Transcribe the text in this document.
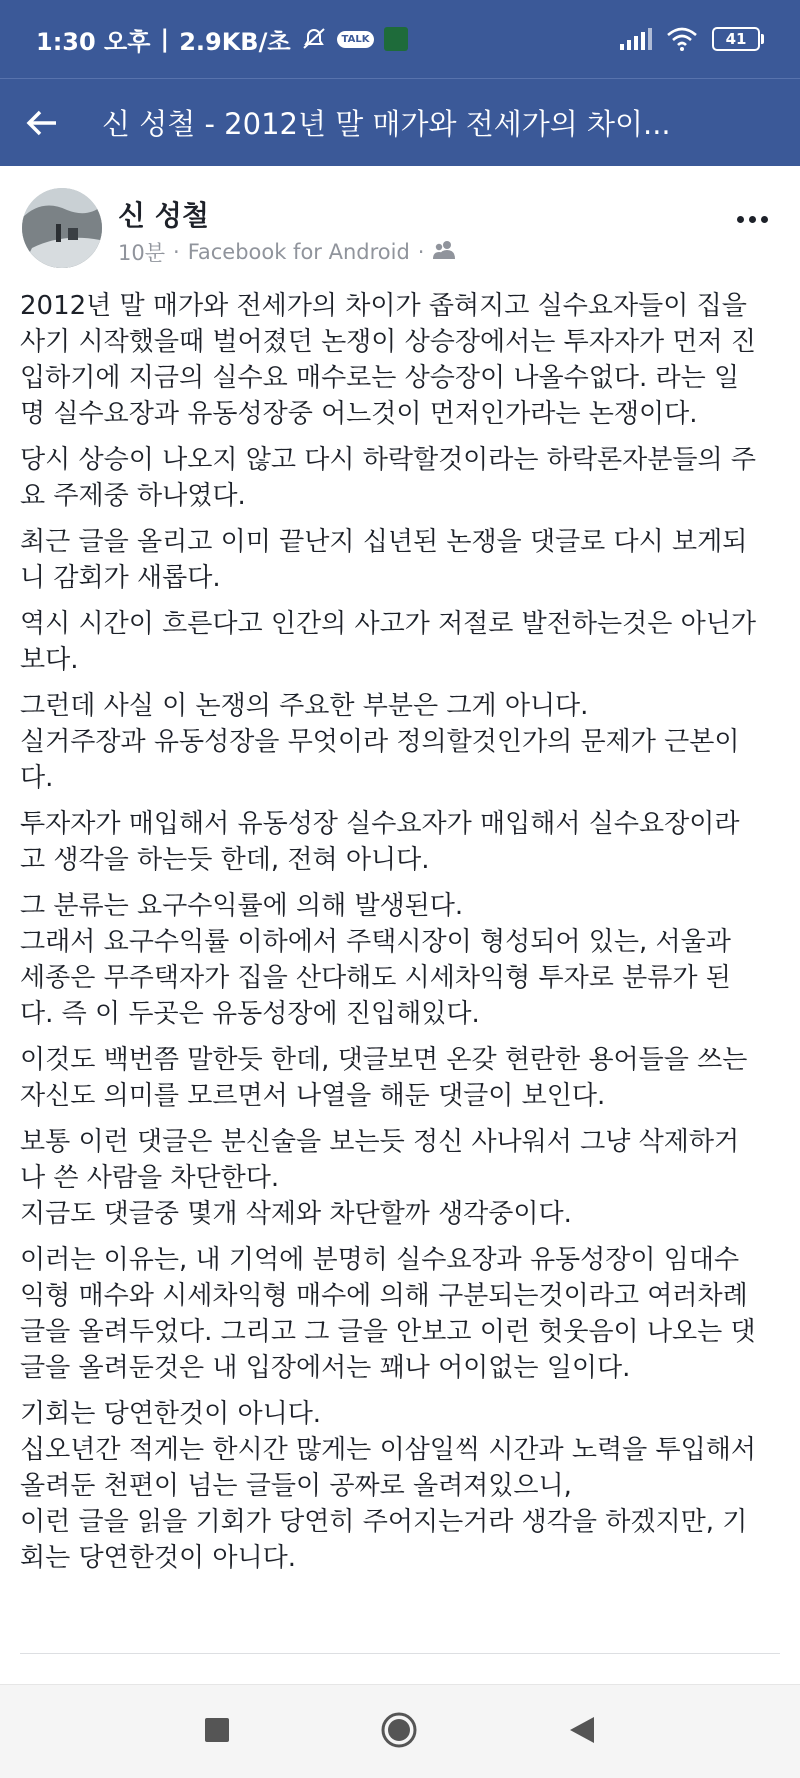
1:30 오후 | 2.9KB/초	TALK	41
신 성철 - 2012년 말 매가와 전세가의 차이...
신 성철
10분 · Facebook for Android ·

2012년 말 매가와 전세가의 차이가 좁혀지고 실수요자들이 집을
사기 시작했을때 벌어졌던 논쟁이 상승장에서는 투자자가 먼저 진
입하기에 지금의 실수요 매수로는 상승장이 나올수없다. 라는 일
명 실수요장과 유동성장중 어느것이 먼저인가라는 논쟁이다.

당시 상승이 나오지 않고 다시 하락할것이라는 하락론자분들의 주
요 주제중 하나였다.

최근 글을 올리고 이미 끝난지 십년된 논쟁을 댓글로 다시 보게되
니 감회가 새롭다.

역시 시간이 흐른다고 인간의 사고가 저절로 발전하는것은 아닌가
보다.

그런데 사실 이 논쟁의 주요한 부분은 그게 아니다.
실거주장과 유동성장을 무엇이라 정의할것인가의 문제가 근본이
다.

투자자가 매입해서 유동성장 실수요자가 매입해서 실수요장이라
고 생각을 하는듯 한데, 전혀 아니다.

그 분류는 요구수익률에 의해 발생된다.
그래서 요구수익률 이하에서 주택시장이 형성되어 있는, 서울과
세종은 무주택자가 집을 산다해도 시세차익형 투자로 분류가 된
다. 즉 이 두곳은 유동성장에 진입해있다.

이것도 백번쯤 말한듯 한데, 댓글보면 온갖 현란한 용어들을 쓰는
자신도 의미를 모르면서 나열을 해둔 댓글이 보인다.

보통 이런 댓글은 분신술을 보는듯 정신 사나워서 그냥 삭제하거
나 쓴 사람을 차단한다.
지금도 댓글중 몇개 삭제와 차단할까 생각중이다.

이러는 이유는, 내 기억에 분명히 실수요장과 유동성장이 임대수
익형 매수와 시세차익형 매수에 의해 구분되는것이라고 여러차례
글을 올려두었다. 그리고 그 글을 안보고 이런 헛웃음이 나오는 댓
글을 올려둔것은 내 입장에서는 꽤나 어이없는 일이다.

기회는 당연한것이 아니다.
십오년간 적게는 한시간 많게는 이삼일씩 시간과 노력을 투입해서
올려둔 천편이 넘는 글들이 공짜로 올려져있으니,
이런 글을 읽을 기회가 당연히 주어지는거라 생각을 하겠지만, 기
회는 당연한것이 아니다.
